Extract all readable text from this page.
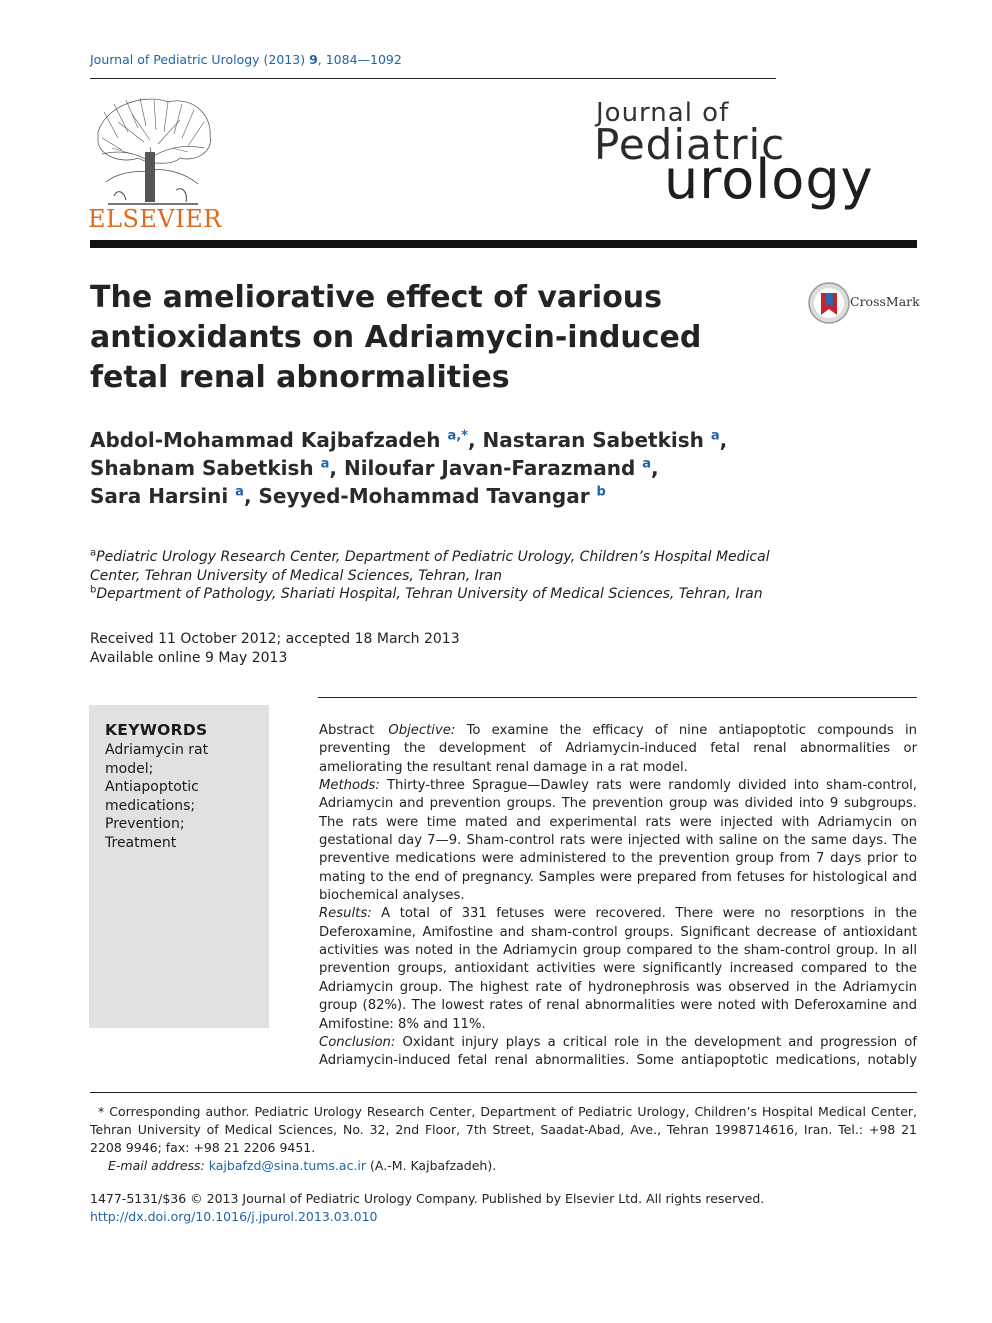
Journal of Pediatric Urology (2013) 9, 1084—1092
ELSEVIER
Journal of
Pediatric
urology
The ameliorative effect of various antioxidants on Adriamycin-induced fetal renal abnormalities
CrossMark
Abdol-Mohammad Kajbafzadeh $^{a,*}$, Nastaran Sabetkish $^a$,
Shabnam Sabetkish $^a$, Niloufar Javan-Farazmand $^a$,
Sara Harsini $^a$, Seyyed-Mohammad Tavangar $^b$
$^a$Pediatric Urology Research Center, Department of Pediatric Urology, Children’s Hospital Medical Center, Tehran University of Medical Sciences, Tehran, Iran
$^b$Department of Pathology, Shariati Hospital, Tehran University of Medical Sciences, Tehran, Iran
Received 11 October 2012; accepted 18 March 2013
Available online 9 May 2013
KEYWORDS
Adriamycin rat
model;
Antiapoptotic
medications;
Prevention;
Treatment

Abstract Objective: To examine the efficacy of nine antiapoptotic compounds in preventing the development of Adriamycin-induced fetal renal abnormalities or ameliorating the resultant renal damage in a rat model.

Methods: Thirty-three Sprague—Dawley rats were randomly divided into sham-control, Adriamycin and prevention groups. The prevention group was divided into 9 subgroups. The rats were time mated and experimental rats were injected with Adriamycin on gestational day 7—9. Sham-control rats were injected with saline on the same days. The preventive medications were administered to the prevention group from 7 days prior to mating to the end of pregnancy. Samples were prepared from fetuses for histological and biochemical analyses.

Results: A total of 331 fetuses were recovered. There were no resorptions in the Deferoxamine, Amifostine and sham-control groups. Significant decrease of antioxidant activities was noted in the Adriamycin group compared to the sham-control group. In all prevention groups, antioxidant activities were significantly increased compared to the Adriamycin group. The highest rate of hydronephrosis was observed in the Adriamycin group (82%). The lowest rates of renal abnormalities were noted with Deferoxamine and Amifostine: 8% and 11%.

Conclusion: Oxidant injury plays a critical role in the development and progression of Adriamycin-induced fetal renal abnormalities. Some antiapoptotic medications, notably

* Corresponding author. Pediatric Urology Research Center, Department of Pediatric Urology, Children’s Hospital Medical Center, Tehran University of Medical Sciences, No. 32, 2nd Floor, 7th Street, Saadat-Abad, Ave., Tehran 1998714616, Iran. Tel.: +98 21 2208 9946; fax: +98 21 2206 9451.

E-mail address: kajbafzd@sina.tums.ac.ir (A.-M. Kajbafzadeh).

1477-5131/$36 © 2013 Journal of Pediatric Urology Company. Published by Elsevier Ltd. All rights reserved.
http://dx.doi.org/10.1016/j.jpurol.2013.03.010
